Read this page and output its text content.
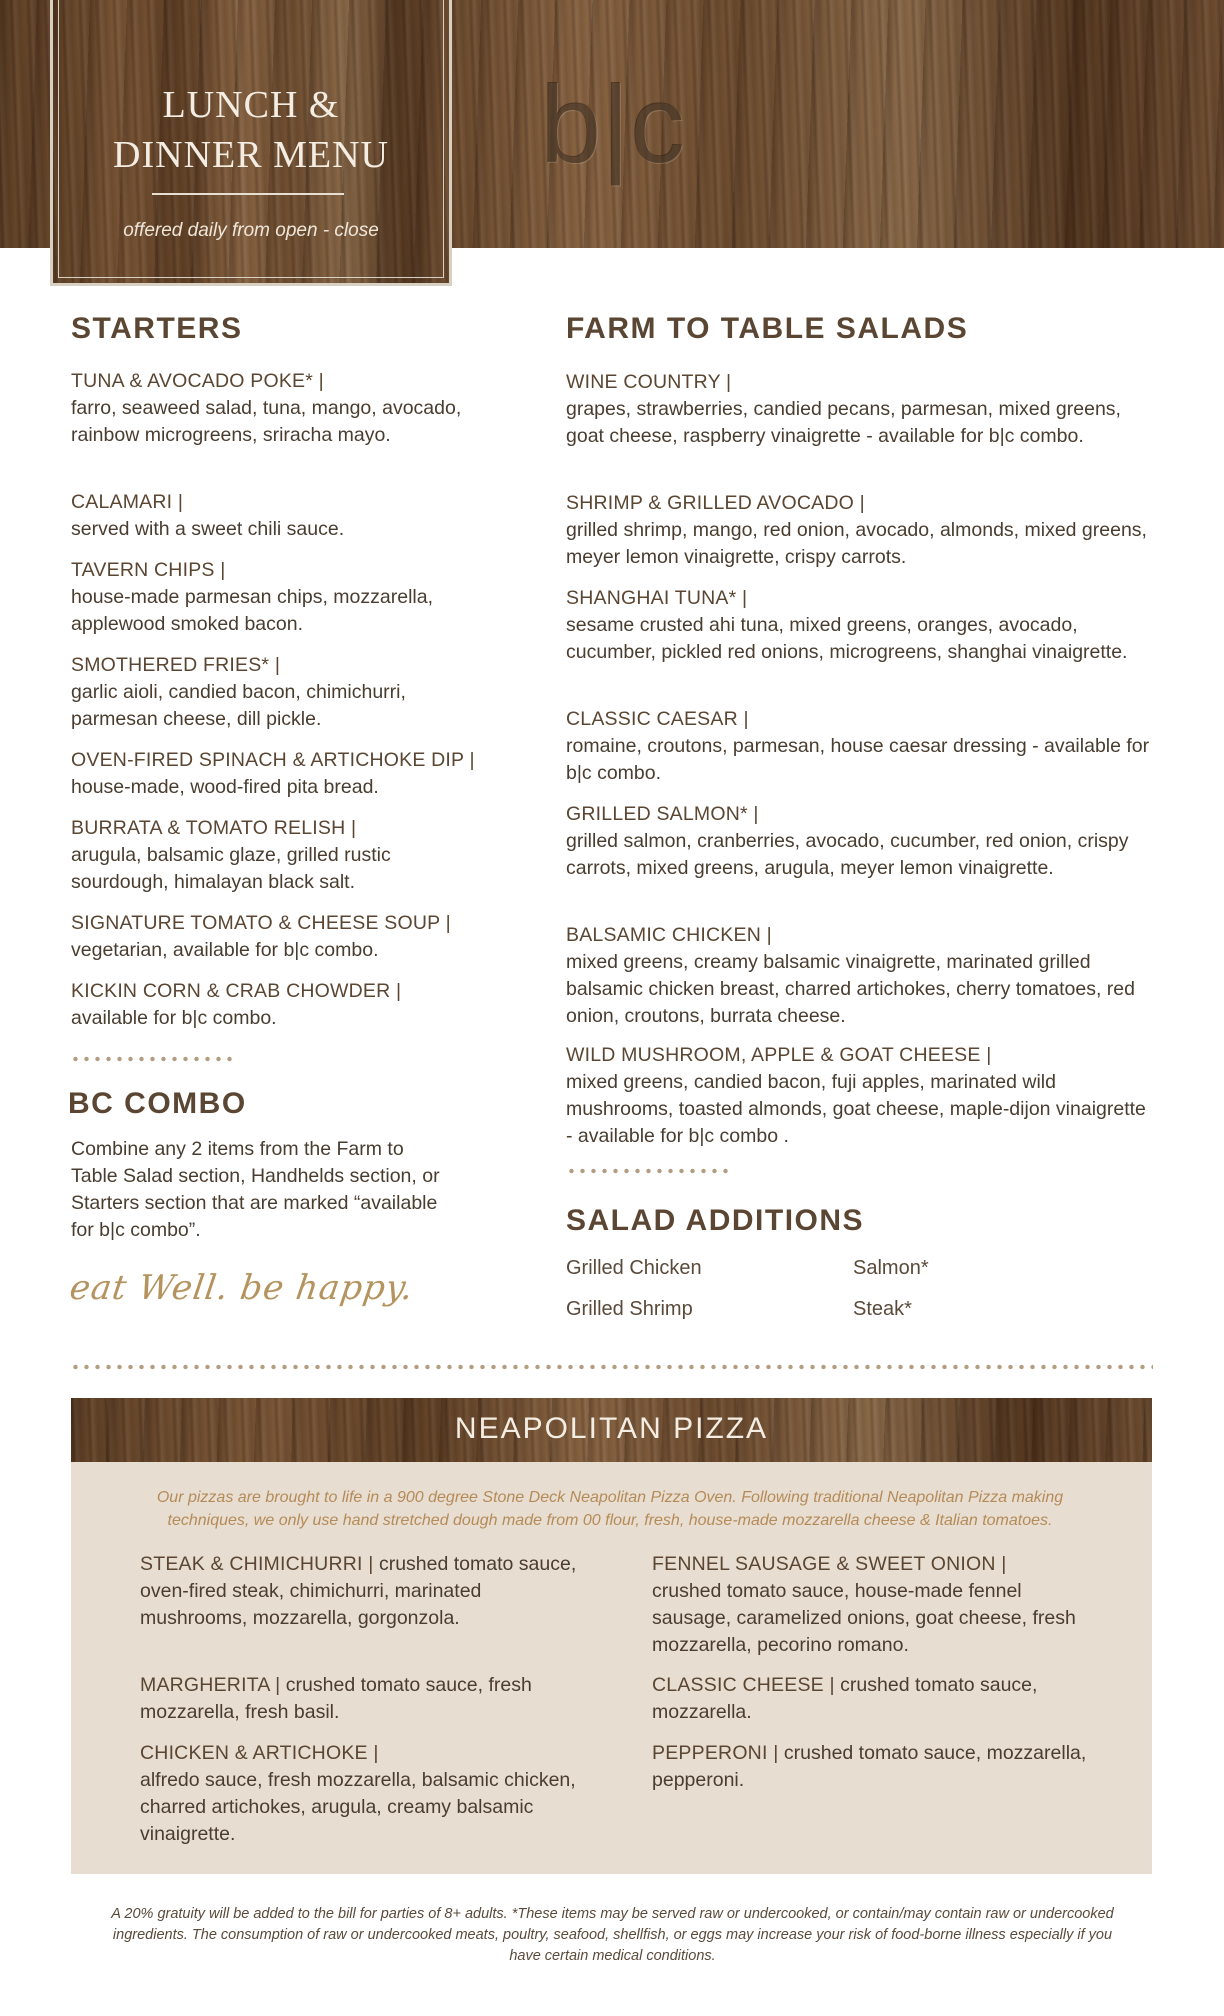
LUNCH &
DINNER MENU
offered daily from open - close
b|c
STARTERS
TUNA & AVOCADO POKE* |
farro, seaweed salad, tuna, mango, avocado, rainbow microgreens, sriracha mayo.
CALAMARI |
served with a sweet chili sauce.
TAVERN CHIPS |
house-made parmesan chips, mozzarella, applewood smoked bacon.
SMOTHERED FRIES* |
garlic aioli, candied bacon, chimichurri, parmesan cheese, dill pickle.
OVEN-FIRED SPINACH & ARTICHOKE DIP |
house-made, wood-fired pita bread.
BURRATA & TOMATO RELISH |
arugula, balsamic glaze, grilled rustic sourdough, himalayan black salt.
SIGNATURE TOMATO & CHEESE SOUP |
vegetarian, available for b|c combo.
KICKIN CORN & CRAB CHOWDER |
available for b|c combo.
BC COMBO
Combine any 2 items from the Farm to Table Salad section, Handhelds section, or Starters section that are marked “available for b|c combo”.
eat Well. be happy.
FARM TO TABLE SALADS
WINE COUNTRY |
grapes, strawberries, candied pecans, parmesan, mixed greens, goat cheese, raspberry vinaigrette - available for b|c combo.
SHRIMP & GRILLED AVOCADO |
grilled shrimp, mango, red onion, avocado, almonds, mixed greens, meyer lemon vinaigrette, crispy carrots.
SHANGHAI TUNA* |
sesame crusted ahi tuna, mixed greens, oranges, avocado, cucumber, pickled red onions, microgreens, shanghai vinaigrette.
CLASSIC CAESAR |
romaine, croutons, parmesan, house caesar dressing - available for b|c combo.
GRILLED SALMON* |
grilled salmon, cranberries, avocado, cucumber, red onion, crispy carrots, mixed greens, arugula, meyer lemon vinaigrette.
BALSAMIC CHICKEN |
mixed greens, creamy balsamic vinaigrette, marinated grilled balsamic chicken breast, charred artichokes, cherry tomatoes, red onion, croutons, burrata cheese.
WILD MUSHROOM, APPLE & GOAT CHEESE |
mixed greens, candied bacon, fuji apples, marinated wild mushrooms, toasted almonds, goat cheese, maple-dijon vinaigrette - available for b|c combo .
SALAD ADDITIONS
Grilled Chicken	Salmon*
Grilled Shrimp	Steak*
NEAPOLITAN PIZZA
Our pizzas are brought to life in a 900 degree Stone Deck Neapolitan Pizza Oven. Following traditional Neapolitan Pizza making techniques, we only use hand stretched dough made from 00 flour, fresh, house-made mozzarella cheese & Italian tomatoes.
STEAK & CHIMICHURRI | crushed tomato sauce, oven-fired steak, chimichurri, marinated mushrooms, mozzarella, gorgonzola.
MARGHERITA | crushed tomato sauce, fresh mozzarella, fresh basil.
CHICKEN & ARTICHOKE |
alfredo sauce, fresh mozzarella, balsamic chicken, charred artichokes, arugula, creamy balsamic vinaigrette.
FENNEL SAUSAGE & SWEET ONION |
crushed tomato sauce, house-made fennel sausage, caramelized onions, goat cheese, fresh mozzarella, pecorino romano.
CLASSIC CHEESE | crushed tomato sauce, mozzarella.
PEPPERONI | crushed tomato sauce, mozzarella, pepperoni.
A 20% gratuity will be added to the bill for parties of 8+ adults. *These items may be served raw or undercooked, or contain/may contain raw or undercooked ingredients. The consumption of raw or undercooked meats, poultry, seafood, shellfish, or eggs may increase your risk of food-borne illness especially if you have certain medical conditions.
